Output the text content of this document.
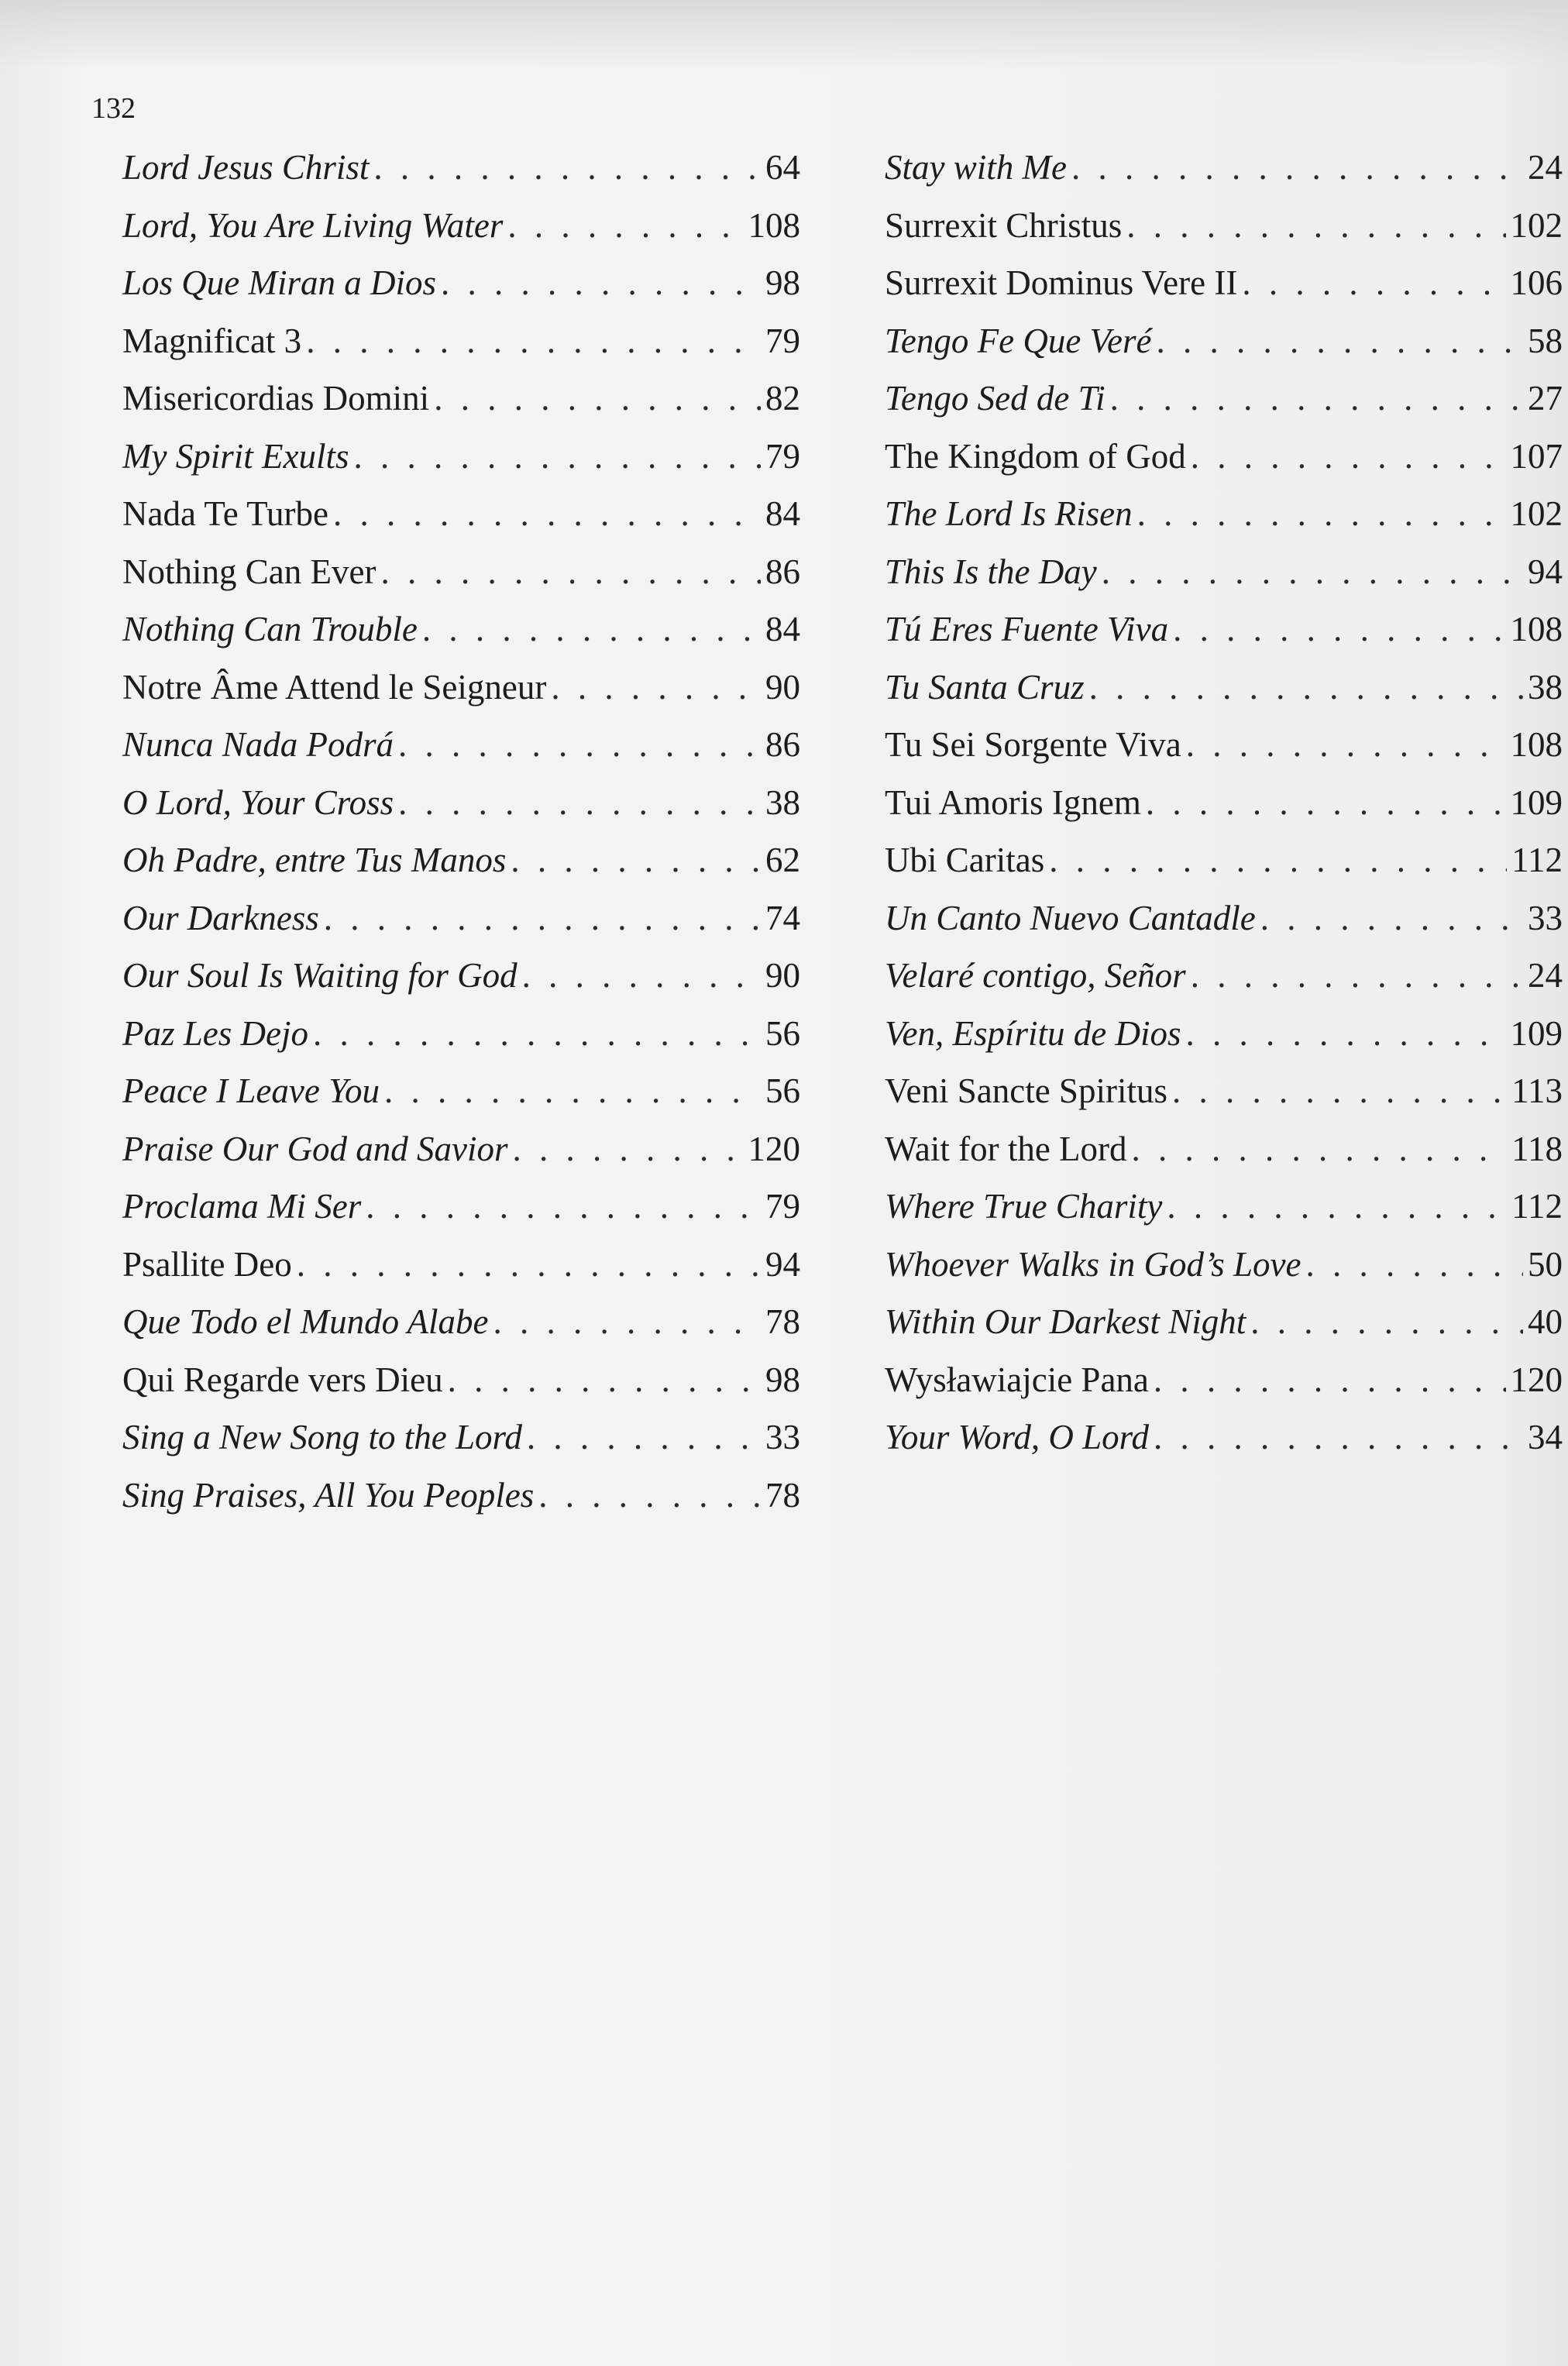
132
Lord Jesus Christ . . .	64
Lord, You Are Living Water . . .	108
Los Que Miran a Dios . . .	98
Magnificat 3 . . .	79
Misericordias Domini . . .	82
My Spirit Exults . . .	79
Nada Te Turbe . . .	84
Nothing Can Ever . . .	86
Nothing Can Trouble . . .	84
Notre Âme Attend le Seigneur . . .	90
Nunca Nada Podrá . . .	86
O Lord, Your Cross . . .	38
Oh Padre, entre Tus Manos . . .	62
Our Darkness . . .	74
Our Soul Is Waiting for God . . .	90
Paz Les Dejo . . .	56
Peace I Leave You . . .	56
Praise Our God and Savior . . .	120
Proclama Mi Ser . . .	79
Psallite Deo . . .	94
Que Todo el Mundo Alabe . . .	78
Qui Regarde vers Dieu . . .	98
Sing a New Song to the Lord . . .	33
Sing Praises, All You Peoples . . .	78
Stay with Me . . .	24
Surrexit Christus . . .	102
Surrexit Dominus Vere II . . .	106
Tengo Fe Que Veré . . .	58
Tengo Sed de Ti . . .	27
The Kingdom of God . . .	107
The Lord Is Risen . . .	102
This Is the Day . . .	94
Tú Eres Fuente Viva . . .	108
Tu Santa Cruz . . .	38
Tu Sei Sorgente Viva . . .	108
Tui Amoris Ignem . . .	109
Ubi Caritas . . .	112
Un Canto Nuevo Cantadle . . .	33
Velaré contigo, Señor . . .	24
Ven, Espíritu de Dios . . .	109
Veni Sancte Spiritus . . .	113
Wait for the Lord . . .	118
Where True Charity . . .	112
Whoever Walks in God’s Love . . .	50
Within Our Darkest Night . . .	40
Wysławiajcie Pana . . .	120
Your Word, O Lord . . .	34
